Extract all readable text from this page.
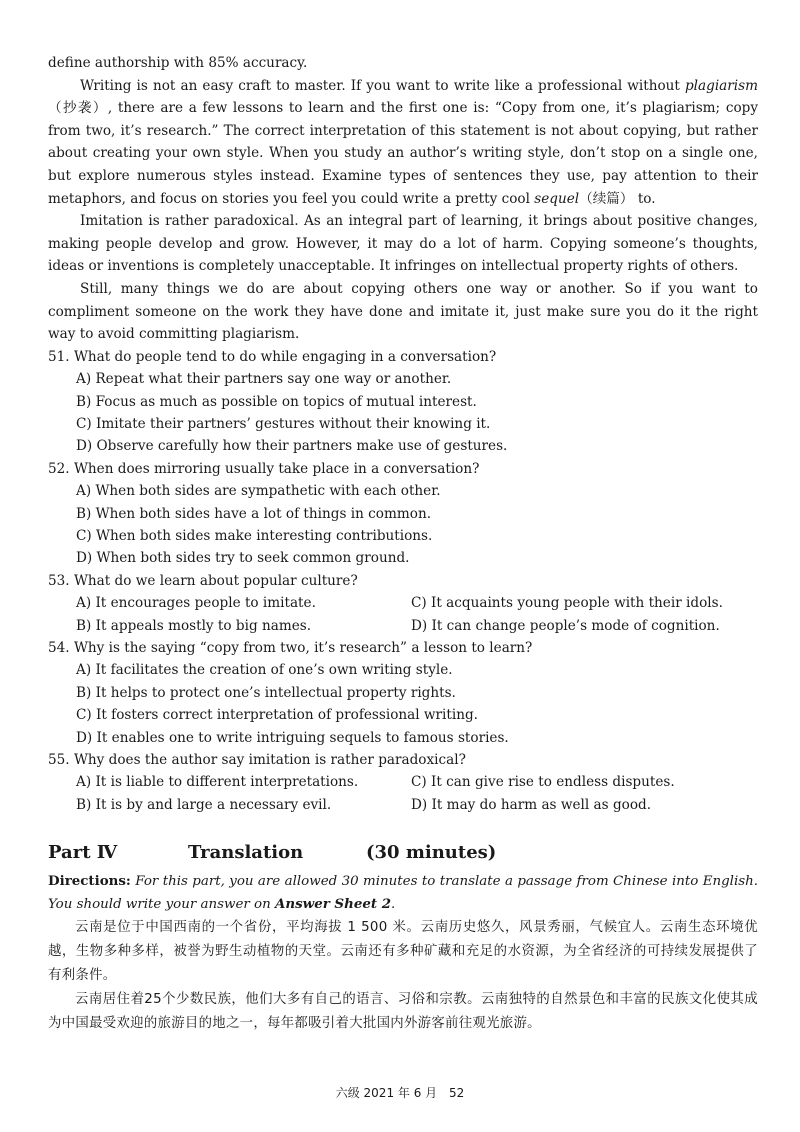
define authorship with 85% accuracy.

Writing is not an easy craft to master. If you want to write like a professional without plagiarism（抄袭）, there are a few lessons to learn and the first one is: “Copy from one, it’s plagiarism; copy from two, it’s research.” The correct interpretation of this statement is not about copying, but rather about creating your own style. When you study an author’s writing style, don’t stop on a single one, but explore numerous styles instead. Examine types of sentences they use, pay attention to their metaphors, and focus on stories you feel you could write a pretty cool sequel（续篇） to.

Imitation is rather paradoxical. As an integral part of learning, it brings about positive changes, making people develop and grow. However, it may do a lot of harm. Copying someone’s thoughts, ideas or inventions is completely unacceptable. It infringes on intellectual property rights of others.

Still, many things we do are about copying others one way or another. So if you want to compliment someone on the work they have done and imitate it, just make sure you do it the right way to avoid committing plagiarism.

51. What do people tend to do while engaging in a conversation?

A) Repeat what their partners say one way or another.

B) Focus as much as possible on topics of mutual interest.

C) Imitate their partners’ gestures without their knowing it.

D) Observe carefully how their partners make use of gestures.

52. When does mirroring usually take place in a conversation?

A) When both sides are sympathetic with each other.

B) When both sides have a lot of things in common.

C) When both sides make interesting contributions.

D) When both sides try to seek common ground.

53. What do we learn about popular culture?

A) It encourages people to imitate.	C) It acquaints young people with their idols.
B) It appeals mostly to big names.	D) It can change people’s mode of cognition.

54. Why is the saying “copy from two, it’s research” a lesson to learn?

A) It facilitates the creation of one’s own writing style.

B) It helps to protect one’s intellectual property rights.

C) It fosters correct interpretation of professional writing.

D) It enables one to write intriguing sequels to famous stories.

55. Why does the author say imitation is rather paradoxical?

A) It is liable to different interpretations.	C) It can give rise to endless disputes.
B) It is by and large a necessary evil.	D) It may do harm as well as good.
Part Ⅳ	Translation	(30 minutes)

Directions: For this part, you are allowed 30 minutes to translate a passage from Chinese into English. You should write your answer on Answer Sheet 2.

云南是位于中国西南的一个省份，平均海拔 1 500 米。云南历史悠久，风景秀丽，气候宜人。云南生态环境优越，生物多种多样，被誉为野生动植物的天堂。云南还有多种矿藏和充足的水资源，为全省经济的可持续发展提供了有利条件。

云南居住着25个少数民族，他们大多有自己的语言、习俗和宗教。云南独特的自然景色和丰富的民族文化使其成为中国最受欢迎的旅游目的地之一，每年都吸引着大批国内外游客前往观光旅游。

六级 2021 年 6 月 52
